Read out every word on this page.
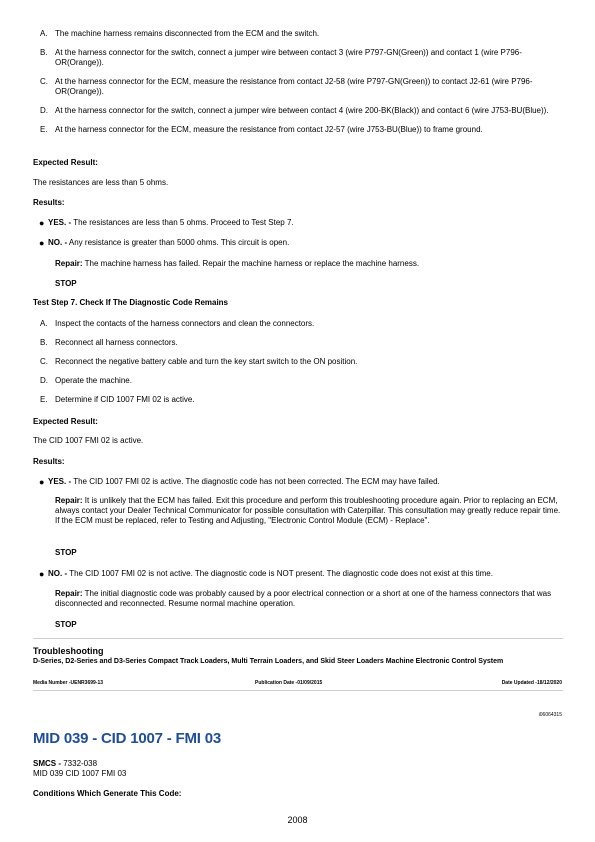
A. The machine harness remains disconnected from the ECM and the switch.
B. At the harness connector for the switch, connect a jumper wire between contact 3 (wire P797-GN(Green)) and contact 1 (wire P796-OR(Orange)).
C. At the harness connector for the ECM, measure the resistance from contact J2-58 (wire P797-GN(Green)) to contact J2-61 (wire P796-OR(Orange)).
D. At the harness connector for the switch, connect a jumper wire between contact 4 (wire 200-BK(Black)) and contact 6 (wire J753-BU(Blue)).
E. At the harness connector for the ECM, measure the resistance from contact J2-57 (wire J753-BU(Blue)) to frame ground.
Expected Result:
The resistances are less than 5 ohms.
Results:
● YES. - The resistances are less than 5 ohms. Proceed to Test Step 7.
● NO. - Any resistance is greater than 5000 ohms. This circuit is open.
Repair: The machine harness has failed. Repair the machine harness or replace the machine harness.
STOP
Test Step 7. Check If The Diagnostic Code Remains
A. Inspect the contacts of the harness connectors and clean the connectors.
B. Reconnect all harness connectors.
C. Reconnect the negative battery cable and turn the key start switch to the ON position.
D. Operate the machine.
E. Determine if CID 1007 FMI 02 is active.
Expected Result:
The CID 1007 FMI 02 is active.
Results:
● YES. - The CID 1007 FMI 02 is active. The diagnostic code has not been corrected. The ECM may have failed.
Repair: It is unlikely that the ECM has failed. Exit this procedure and perform this troubleshooting procedure again. Prior to replacing an ECM, always contact your Dealer Technical Communicator for possible consultation with Caterpillar. This consultation may greatly reduce repair time. If the ECM must be replaced, refer to Testing and Adjusting, "Electronic Control Module (ECM) - Replace".
STOP
● NO. - The CID 1007 FMI 02 is not active. The diagnostic code is NOT present. The diagnostic code does not exist at this time.
Repair: The initial diagnostic code was probably caused by a poor electrical connection or a short at one of the harness connectors that was disconnected and reconnected. Resume normal machine operation.
STOP
Troubleshooting
D-Series, D2-Series and D3-Series Compact Track Loaders, Multi Terrain Loaders, and Skid Steer Loaders Machine Electronic Control System
Media Number -UENR3699-13	Publication Date -01/09/2015	Date Updated -18/12/2020
i06064315
MID 039 - CID 1007 - FMI 03
SMCS - 7332-038
MID 039 CID 1007 FMI 03
Conditions Which Generate This Code:
2008
